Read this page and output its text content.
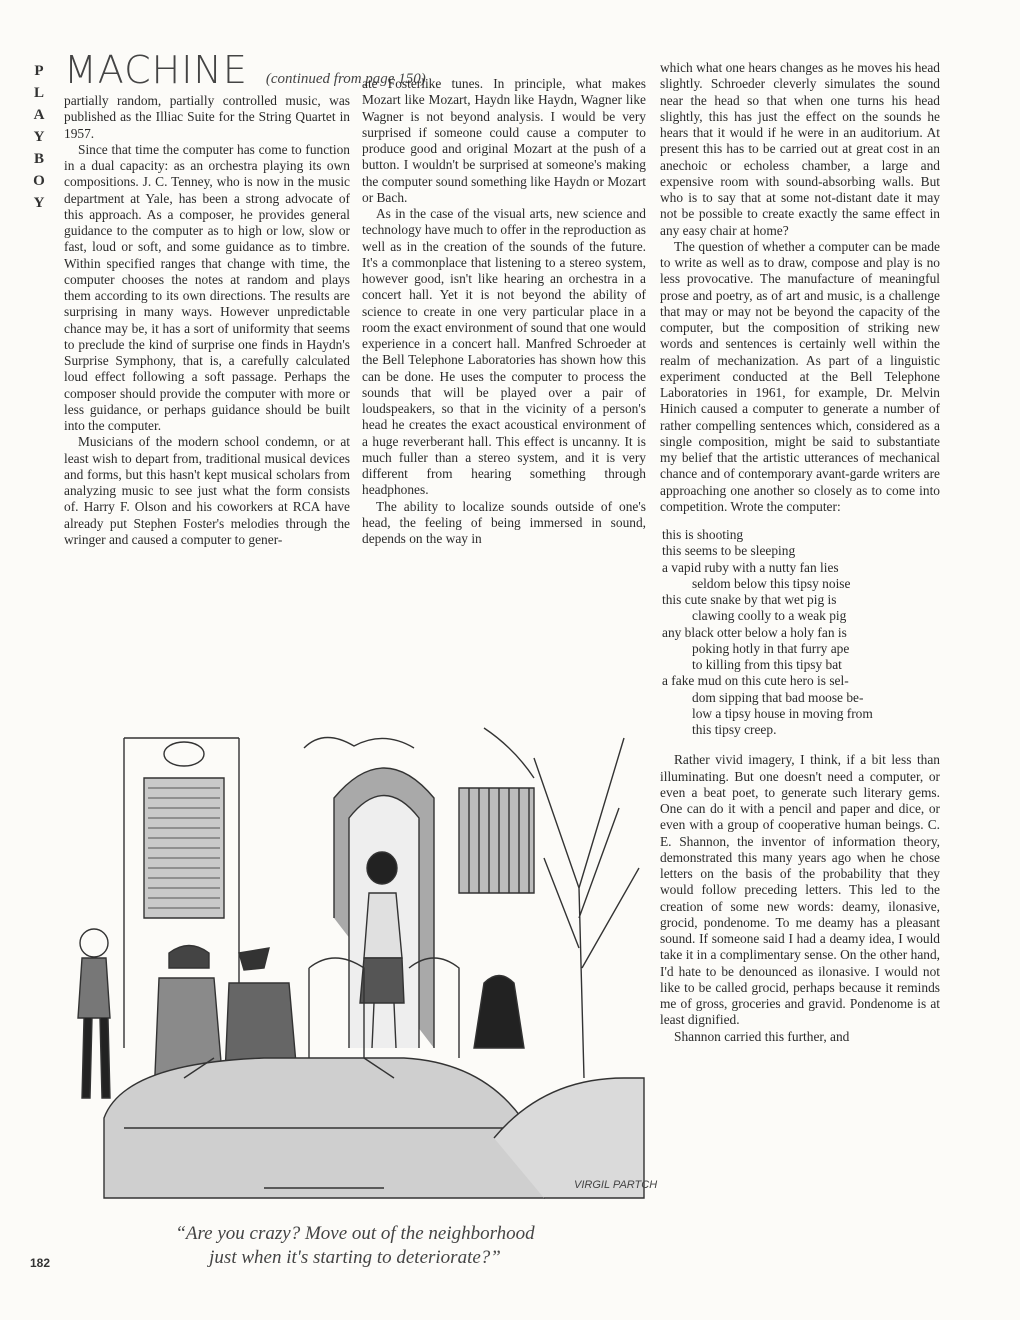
P
L
A
Y
B
O
Y
MACHINE (continued from page 150)

partially random, partially controlled music, was published as the Illiac Suite for the String Quartet in 1957.

Since that time the computer has come to function in a dual capacity: as an orchestra playing its own compositions. J. C. Tenney, who is now in the music department at Yale, has been a strong advocate of this approach. As a composer, he provides general guidance to the computer as to high or low, slow or fast, loud or soft, and some guidance as to timbre. Within specified ranges that change with time, the computer chooses the notes at random and plays them according to its own directions. The results are surprising in many ways. However unpredictable chance may be, it has a sort of uniformity that seems to preclude the kind of surprise one finds in Haydn's Surprise Symphony, that is, a carefully calculated loud effect following a soft passage. Perhaps the composer should provide the computer with more or less guidance, or perhaps guidance should be built into the computer.

Musicians of the modern school condemn, or at least wish to depart from, traditional musical devices and forms, but this hasn't kept musical scholars from analyzing music to see just what the form consists of. Harry F. Olson and his coworkers at RCA have already put Stephen Foster's melodies through the wringer and caused a computer to gener-

ate Fosterlike tunes. In principle, what makes Mozart like Mozart, Haydn like Haydn, Wagner like Wagner is not beyond analysis. I would be very surprised if someone could cause a computer to produce good and original Mozart at the push of a button. I wouldn't be surprised at someone's making the computer sound something like Haydn or Mozart or Bach.

As in the case of the visual arts, new science and technology have much to offer in the reproduction as well as in the creation of the sounds of the future. It's a commonplace that listening to a stereo system, however good, isn't like hearing an orchestra in a concert hall. Yet it is not beyond the ability of science to create in one very particular place in a room the exact environment of sound that one would experience in a concert hall. Manfred Schroeder at the Bell Telephone Laboratories has shown how this can be done. He uses the computer to process the sounds that will be played over a pair of loudspeakers, so that in the vicinity of a person's head he creates the exact acoustical environment of a huge reverberant hall. This effect is uncanny. It is much fuller than a stereo system, and it is very different from hearing something through headphones.

The ability to localize sounds outside of one's head, the feeling of being immersed in sound, depends on the way in

which what one hears changes as he moves his head slightly. Schroeder cleverly simulates the sound near the head so that when one turns his head slightly, this has just the effect on the sounds he hears that it would if he were in an auditorium. At present this has to be carried out at great cost in an anechoic or echoless chamber, a large and expensive room with sound-absorbing walls. But who is to say that at some not-distant date it may not be possible to create exactly the same effect in any easy chair at home?

The question of whether a computer can be made to write as well as to draw, compose and play is no less provocative. The manufacture of meaningful prose and poetry, as of art and music, is a challenge that may or may not be beyond the capacity of the computer, but the composition of striking new words and sentences is certainly well within the realm of mechanization. As part of a linguistic experiment conducted at the Bell Telephone Laboratories in 1961, for example, Dr. Melvin Hinich caused a computer to generate a number of rather compelling sentences which, considered as a single composition, might be said to substantiate my belief that the artistic utterances of mechanical chance and of contemporary avant-garde writers are approaching one another so closely as to come into competition. Wrote the computer:

this is shooting
this seems to be sleeping
a vapid ruby with a nutty fan lies
seldom below this tipsy noise
this cute snake by that wet pig is
clawing coolly to a weak pig
any black otter below a holy fan is
poking hotly in that furry ape
to killing from this tipsy bat
a fake mud on this cute hero is sel-
dom sipping that bad moose be-
low a tipsy house in moving from
this tipsy creep.

Rather vivid imagery, I think, if a bit less than illuminating. But one doesn't need a computer, or even a beat poet, to generate such literary gems. One can do it with a pencil and paper and dice, or even with a group of cooperative human beings. C. E. Shannon, the inventor of information theory, demonstrated this many years ago when he chose letters on the basis of the probability that they would follow preceding letters. This led to the creation of some new words: deamy, ilonasive, grocid, pondenome. To me deamy has a pleasant sound. If someone said I had a deamy idea, I would take it in a complimentary sense. On the other hand, I'd hate to be denounced as ilonasive. I would not like to be called grocid, perhaps because it reminds me of gross, groceries and gravid. Pondenome is at least dignified.

Shannon carried this further, and

VIRGIL PARTCH
“Are you crazy? Move out of the neighborhood
just when it's starting to deteriorate?”
182
